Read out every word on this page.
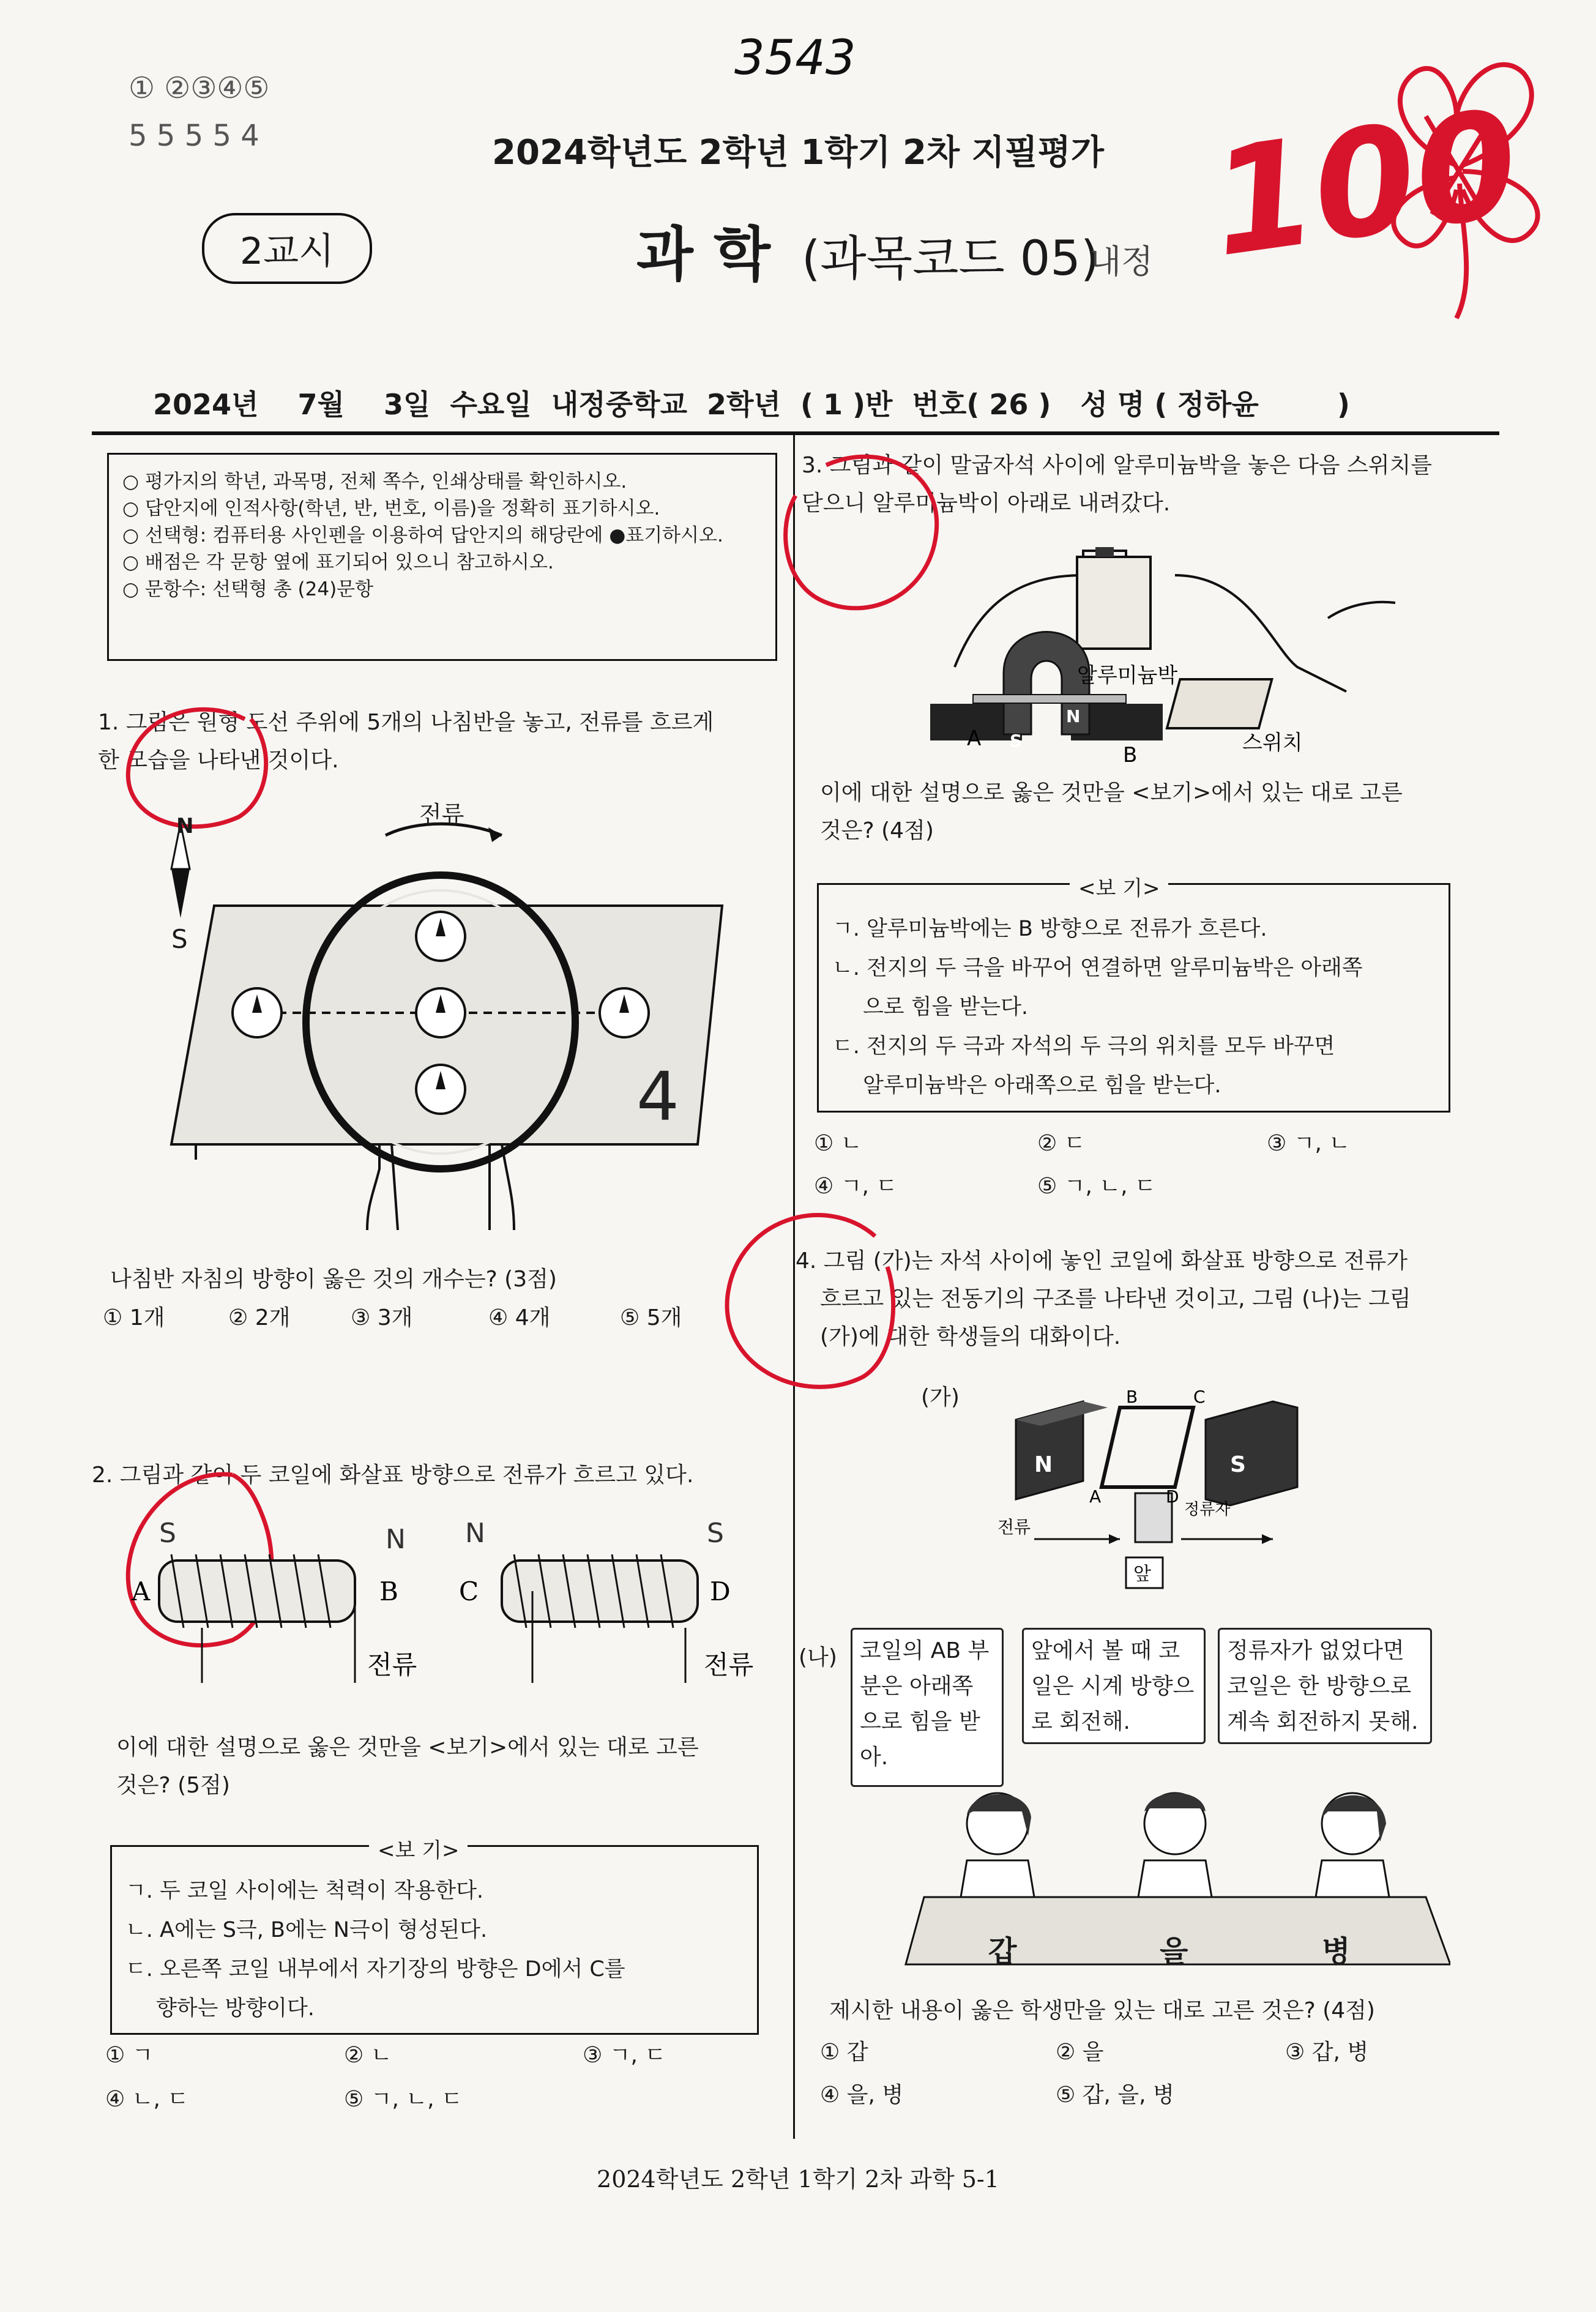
3543
① ②③④⑤
5 5 5 5 4	2024학년도 2학년 1학기 2차 지필평가
2교시	과 학 (과목코드 05)
내정 100
2024년    7월    3일  수요일  내정중학교  2학년  ( 1 )반  번호( 26 )   성 명 ( 정하윤        )
○ 평가지의 학년, 과목명, 전체 쪽수, 인쇄상태를 확인하시오.
○ 답안지에 인적사항(학년, 반, 번호, 이름)을 정확히 표기하시오.
○ 선택형: 컴퓨터용 사인펜을 이용하여 답안지의 해당란에 ●표기하시오.
○ 배점은 각 문항 옆에 표기되어 있으니 참고하시오.
○ 문항수: 선택형 총 (24)문항
1. 그림은 원형 도선 주위에 5개의 나침반을 놓고, 전류를 흐르게
한 모습을 나타낸 것이다.
4
전류
N
S
나침반 자침의 방향이 옳은 것의 개수는? (3점)
① 1개	② 2개	③ 3개	④ 4개	⑤ 5개
2. 그림과 같이 두 코일에 화살표 방향으로 전류가 흐르고 있다.
A	B C	D
전류	전류
S	N N	S
이에 대한 설명으로 옳은 것만을 <보기>에서 있는 대로 고른
것은? (5점)
<보 기>
ㄱ. 두 코일 사이에는 척력이 작용한다.
ㄴ. A에는 S극, B에는 N극이 형성된다.
ㄷ. 오른쪽 코일 내부에서 자기장의 방향은 D에서 C를
향하는 방향이다.
① ㄱ	② ㄴ	③ ㄱ, ㄷ
④ ㄴ, ㄷ	⑤ ㄱ, ㄴ, ㄷ
3. 그림과 같이 말굽자석 사이에 알루미늄박을 놓은 다음 스위치를
닫으니 알루미늄박이 아래로 내려갔다.
A
B
S
N
알루미늄박
스위치
이에 대한 설명으로 옳은 것만을 <보기>에서 있는 대로 고른
것은? (4점)
<보 기>
ㄱ. 알루미늄박에는 B 방향으로 전류가 흐른다.
ㄴ. 전지의 두 극을 바꾸어 연결하면 알루미늄박은 아래쪽
으로 힘을 받는다.
ㄷ. 전지의 두 극과 자석의 두 극의 위치를 모두 바꾸면
알루미늄박은 아래쪽으로 힘을 받는다.
① ㄴ	② ㄷ	③ ㄱ, ㄴ
④ ㄱ, ㄷ	⑤ ㄱ, ㄴ, ㄷ
4. 그림 (가)는 자석 사이에 놓인 코일에 화살표 방향으로 전류가
흐르고 있는 전동기의 구조를 나타낸 것이고, 그림 (나)는 그림
(가)에 대한 학생들의 대화이다.
(가)
N	S
B	C
A	D
전류
정류자
앞
(나)	코일의 AB 부분은 아래쪽으로 힘을 받아.
앞에서 볼 때 코일은 시계 방향으로 회전해.
정류자가 없었다면 코일은 한 방향으로 계속 회전하지 못해.
갑	을	병
제시한 내용이 옳은 학생만을 있는 대로 고른 것은? (4점)
① 갑	② 을	③ 갑, 병
④ 을, 병	⑤ 갑, 을, 병
2024학년도 2학년 1학기 2차 과학 5-1
